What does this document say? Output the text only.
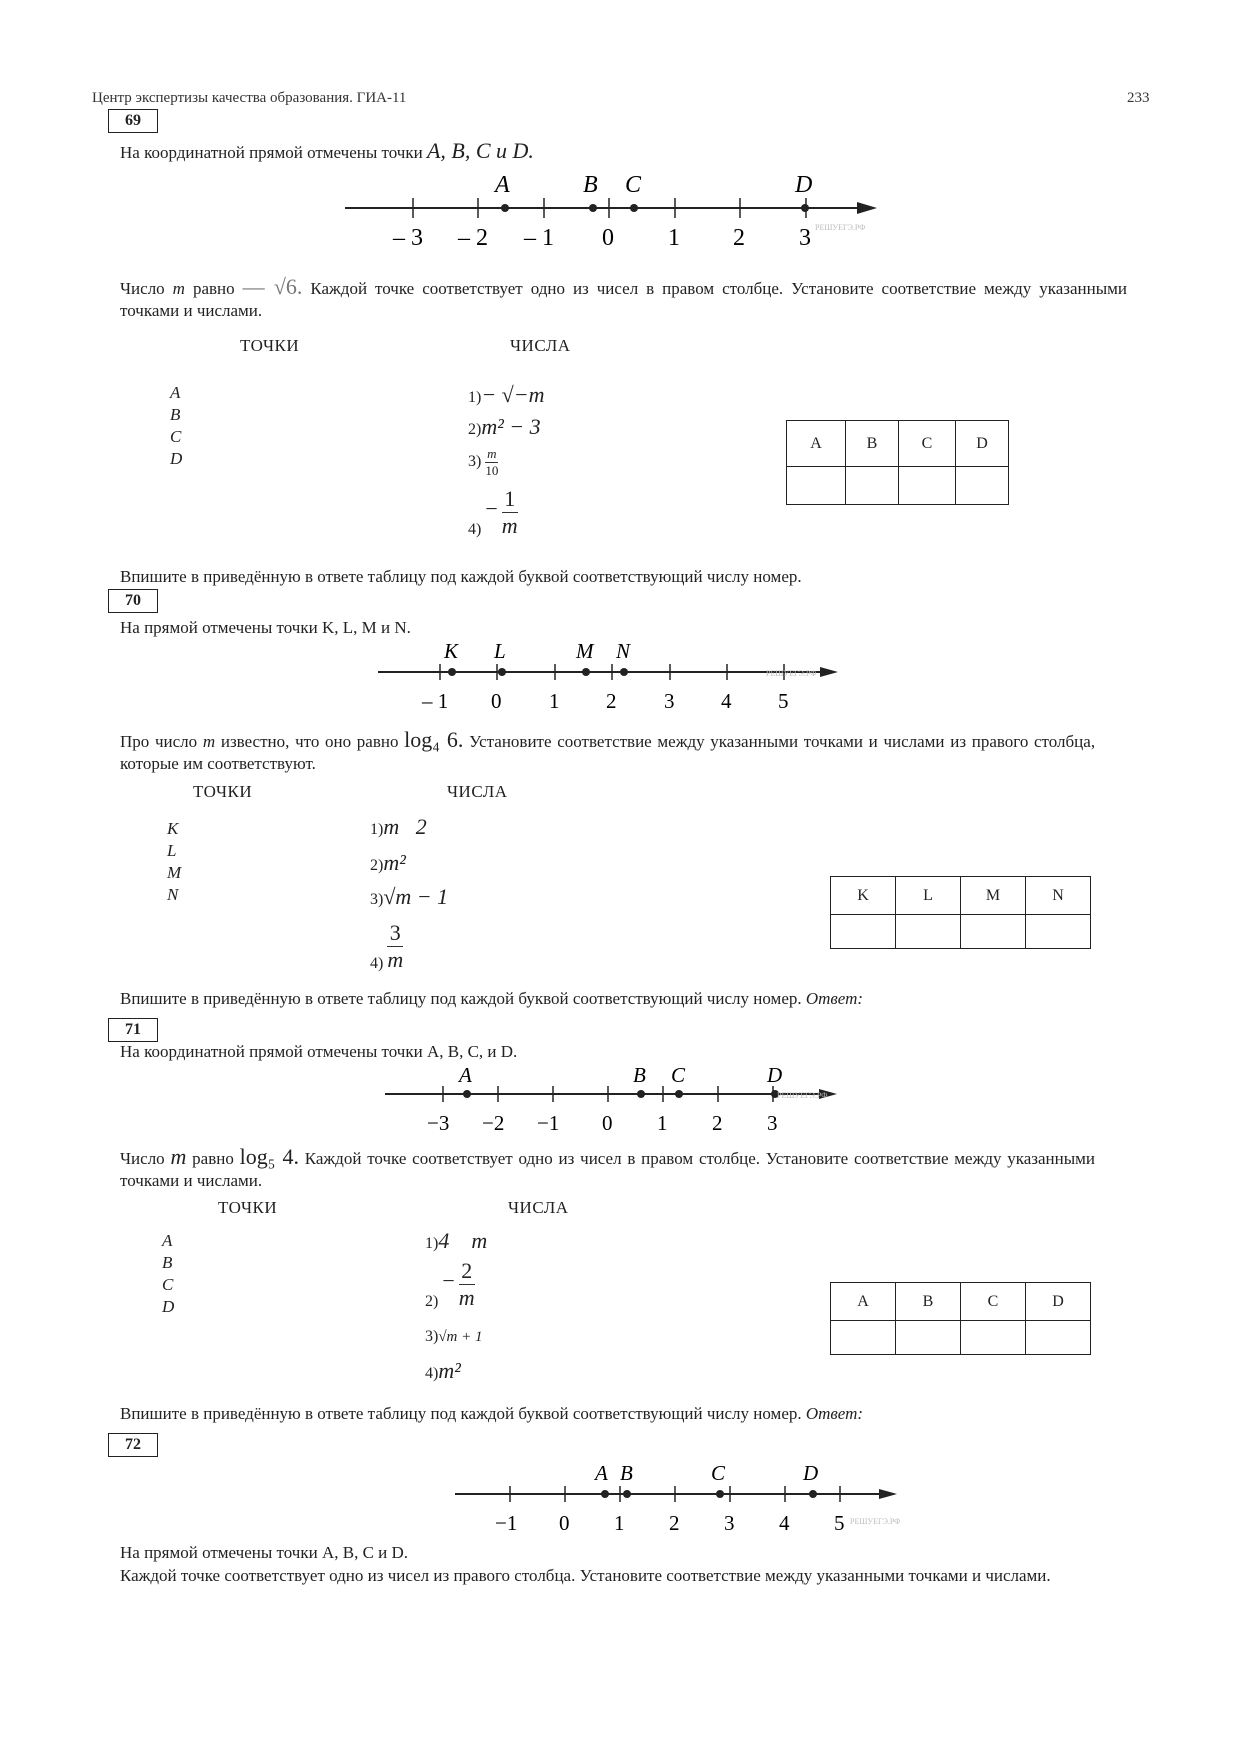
Центр экспертизы качества образования. ГИА-11	233
69
На координатной прямой отмечены точки A, B, C и D.
– 3 – 2 – 1 0 1 2 3
A	B C	D
РЕШУЕГЭ.РФ
Число m равно — √6. Каждой точке соответствует одно из чисел в правом столбце. Установите соответствие между указанными точками и числами.
ТОЧКИ	ЧИСЛА
A
B
C
D
1)− √−m
2)m² − 3
$3) \frac{m}{10}$
$4) - \frac{1}{m}$
A	B	C	D

Впишите в приведённую в ответе таблицу под каждой буквой соответствующий числу номер.
70
На прямой отмечены точки K, L, M и N.
– 1 0 1 2 3 4 5
K L	M N
РЕШУЕГЭ.РФ
Про число m известно, что оно равно log₄ 6. Установите соответствие между указанными точками и числами из правого столбца, которые им соответствуют.
ТОЧКИ	ЧИСЛА
K
L
M
N
1)m   2
2)m²
3)√m − 1
$4) \frac{3}{m}$
K	L	M	N

Впишите в приведённую в ответе таблицу под каждой буквой соответствующий числу номер. Ответ:
71
На координатной прямой отмечены точки A, B, C, и D.
−3 −2 −1 0 1 2 3
A	B C	D
РЕШУЕГЭ.РФ
Число m равно log₅ 4. Каждой точке соответствует одно из чисел в правом столбце. Установите соответствие между указанными точками и числами.
ТОЧКИ	ЧИСЛА
A
B
C
D
1)4    m
$2) - \frac{2}{m}$
3)√m + 1
4)m²
A	B	C	D

Впишите в приведённую в ответе таблицу под каждой буквой соответствующий числу номер. Ответ:
72
−1 0 1 2 3 4 5
A B	C	D
РЕШУЕГЭ.РФ
На прямой отмечены точки A, B, C и D.
Каждой точке соответствует одно из чисел из правого столбца. Установите соответствие между указанными точками и числами.
